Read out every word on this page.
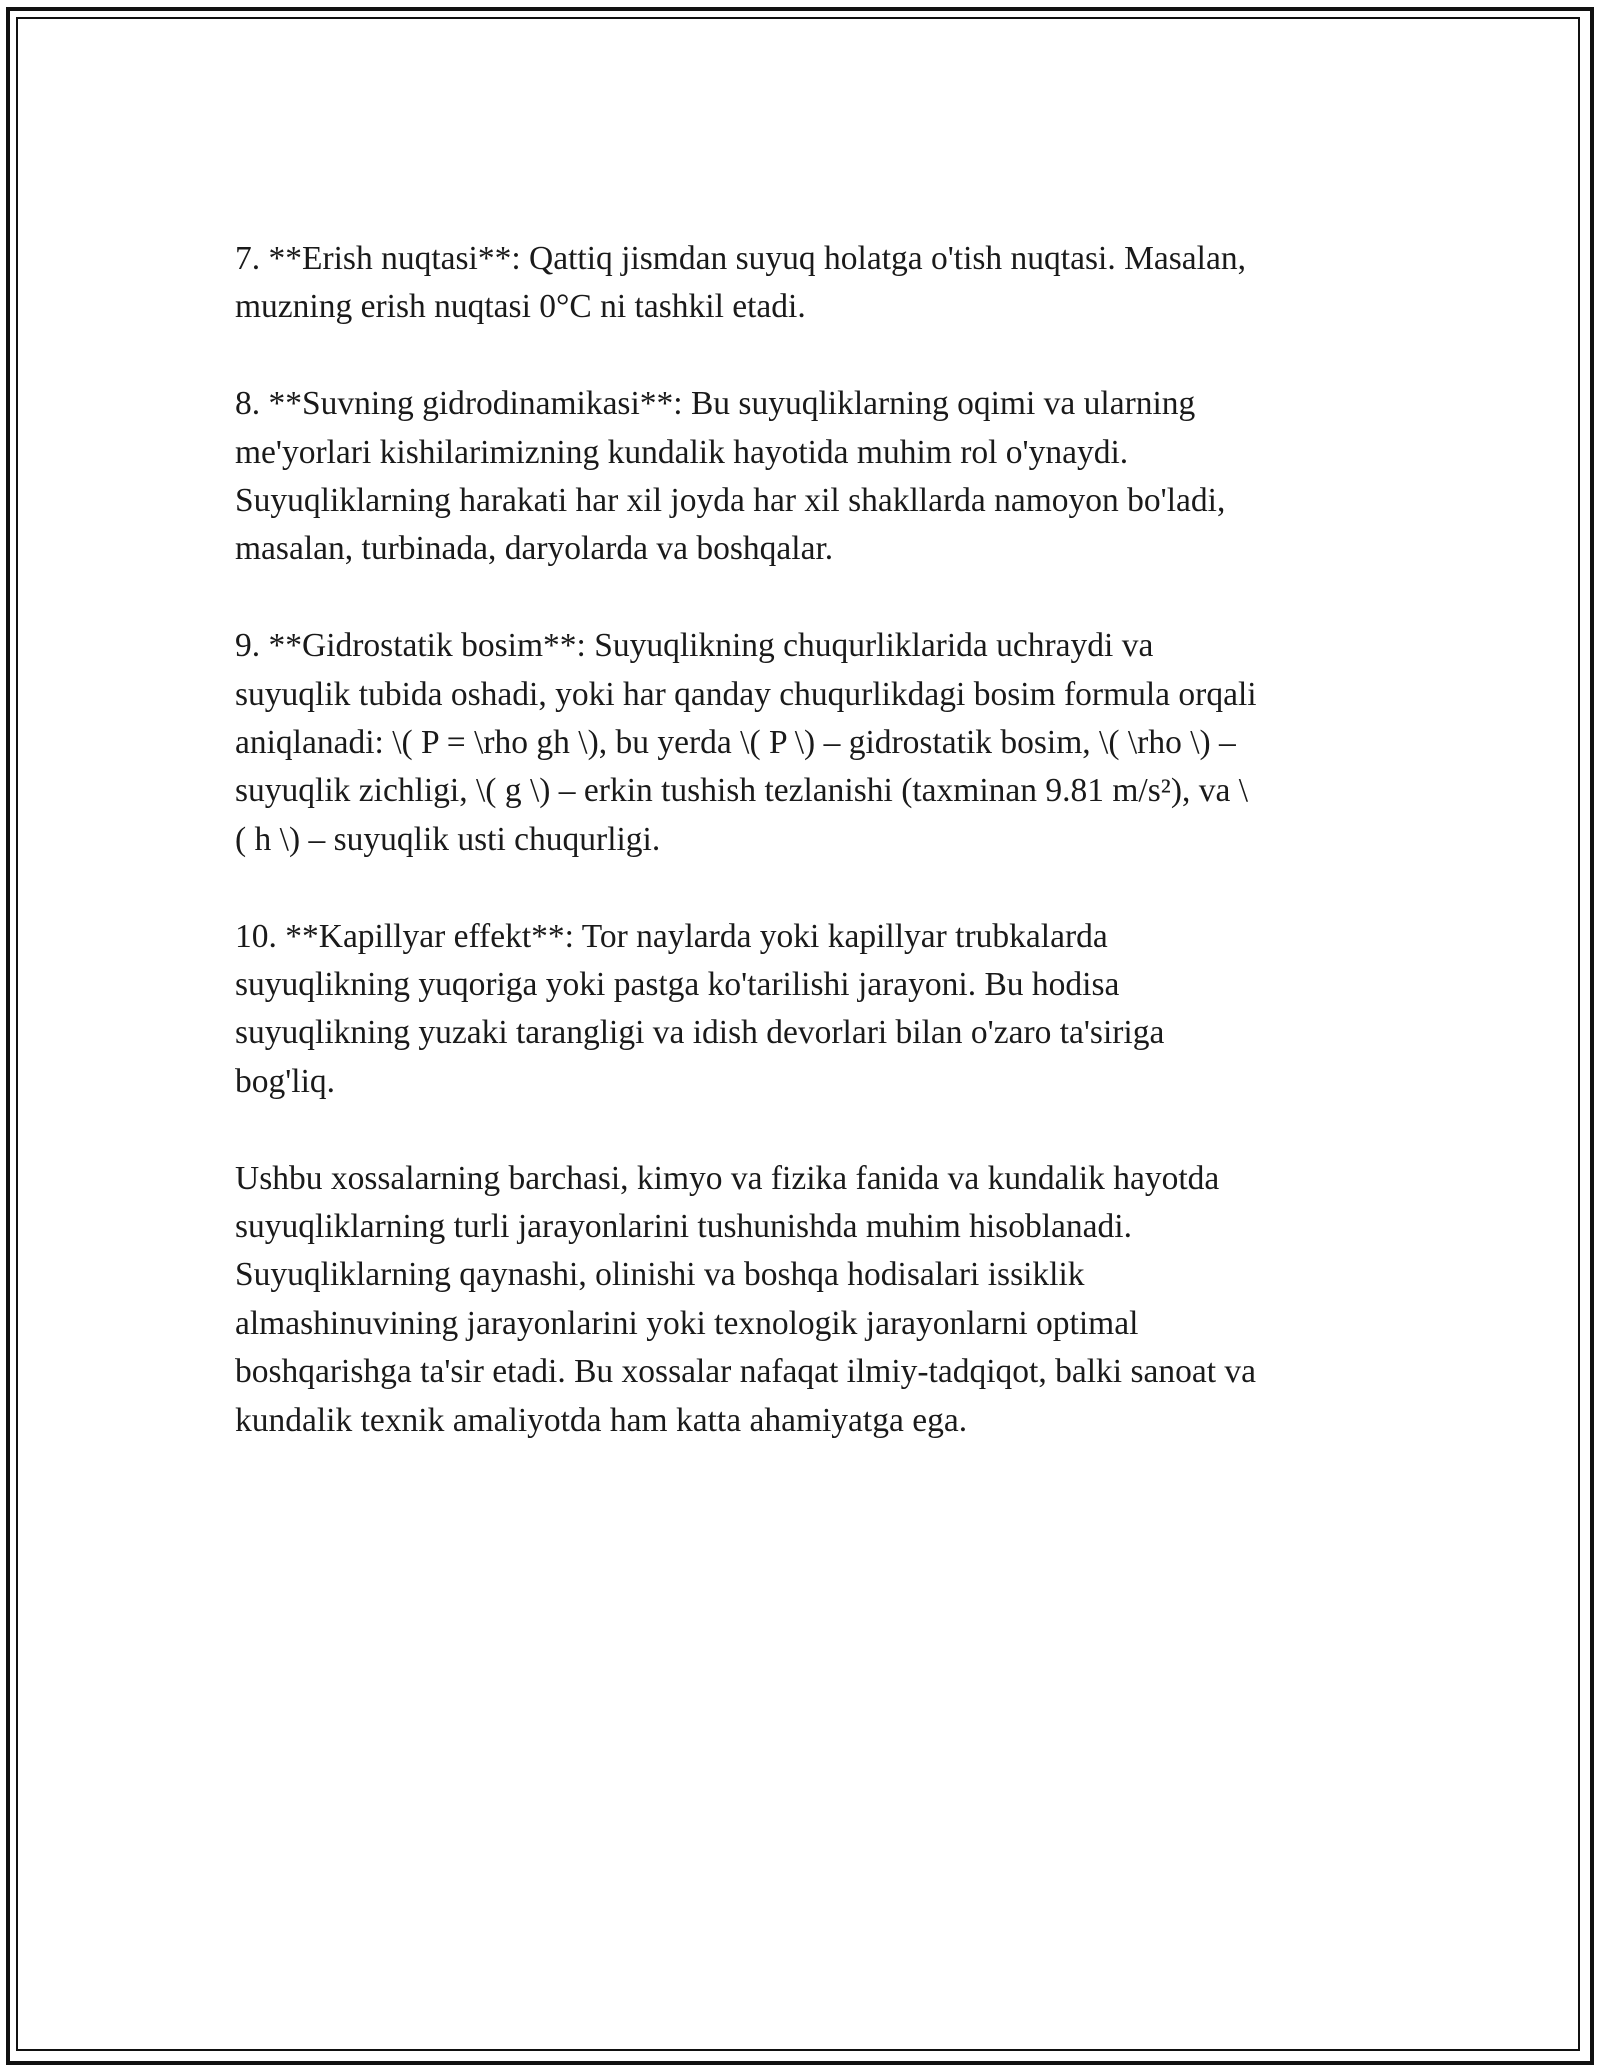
7. **Erish nuqtasi**: Qattiq jismdan suyuq holatga o'tish nuqtasi. Masalan,
muzning erish nuqtasi 0°C ni tashkil etadi.

8. **Suvning gidrodinamikasi**: Bu suyuqliklarning oqimi va ularning
me'yorlari kishilarimizning kundalik hayotida muhim rol o'ynaydi.
Suyuqliklarning harakati har xil joyda har xil shakllarda namoyon bo'ladi,
masalan, turbinada, daryolarda va boshqalar.

9. **Gidrostatik bosim**: Suyuqlikning chuqurliklarida uchraydi va
suyuqlik tubida oshadi, yoki har qanday chuqurlikdagi bosim formula orqali
aniqlanadi: \( P = \rho gh \), bu yerda \( P \) – gidrostatik bosim, \( \rho \) –
suyuqlik zichligi, \( g \) – erkin tushish tezlanishi (taxminan 9.81 m/s²), va \
( h \) – suyuqlik usti chuqurligi.

10. **Kapillyar effekt**: Tor naylarda yoki kapillyar trubkalarda
suyuqlikning yuqoriga yoki pastga ko'tarilishi jarayoni. Bu hodisa
suyuqlikning yuzaki tarangligi va idish devorlari bilan o'zaro ta'siriga
bog'liq.

Ushbu xossalarning barchasi, kimyo va fizika fanida va kundalik hayotda
suyuqliklarning turli jarayonlarini tushunishda muhim hisoblanadi.
Suyuqliklarning qaynashi, olinishi va boshqa hodisalari issiklik
almashinuvining jarayonlarini yoki texnologik jarayonlarni optimal
boshqarishga ta'sir etadi. Bu xossalar nafaqat ilmiy-tadqiqot, balki sanoat va
kundalik texnik amaliyotda ham katta ahamiyatga ega.
